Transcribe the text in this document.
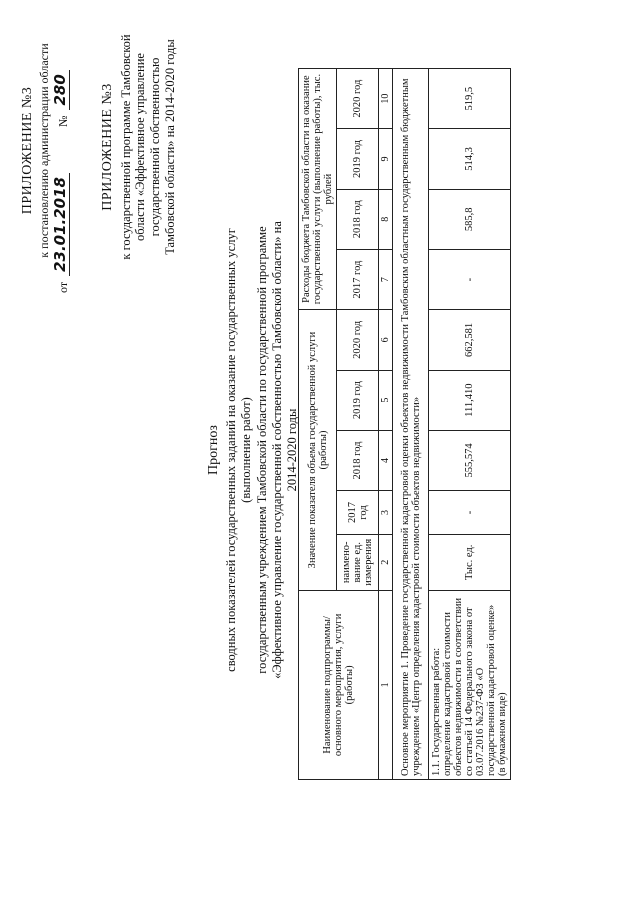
ПРИЛОЖЕНИЕ №3 к постановлению администрации области
от
23.01.2018
№
280 ПРИЛОЖЕНИЕ №3 к государственной программе Тамбовской области «Эффективное управление государственной собственностью Тамбовской области» на 2014-2020 годы
Прогноз сводных показателей государственных заданий на оказание государственных услуг (выполнение работ) государственным учреждением Тамбовской области по государственной программе «Эффективное управление государственной собственностью Тамбовской области» на 2014-2020 годы
Наименование подпрограммы/основного мероприятия, услуги (работы)	Значение показателя объема государственной услуги (работы)					Расходы бюджета Тамбовской области на оказание государственной услуги (выполнение работы), тыс. рублей			
	наимено-вание ед. измерения	2017 год	2018 год	2019 год	2020 год	2017 год	2018 год	2019 год	2020 год
1	2	3	4	5	6	7	8	9	10
Основное мероприятие 1. Проведение государственной кадастровой оценки объектов недвижимости Тамбовским областным государственным бюджетным учреждением «Центр определения кадастровой стоимости объектов недвижимости»									
1.1. Государственная работа: определение кадастровой стоимости объектов недвижимости в соответствии со статьей 14 Федерального закона от 03.07.2016 №237-ФЗ «О государственной кадастровой оценке» (в бумажном виде)	Тыс. ед.	-	555,574	111,410	662,581	-	585,8	514,3	519,5
